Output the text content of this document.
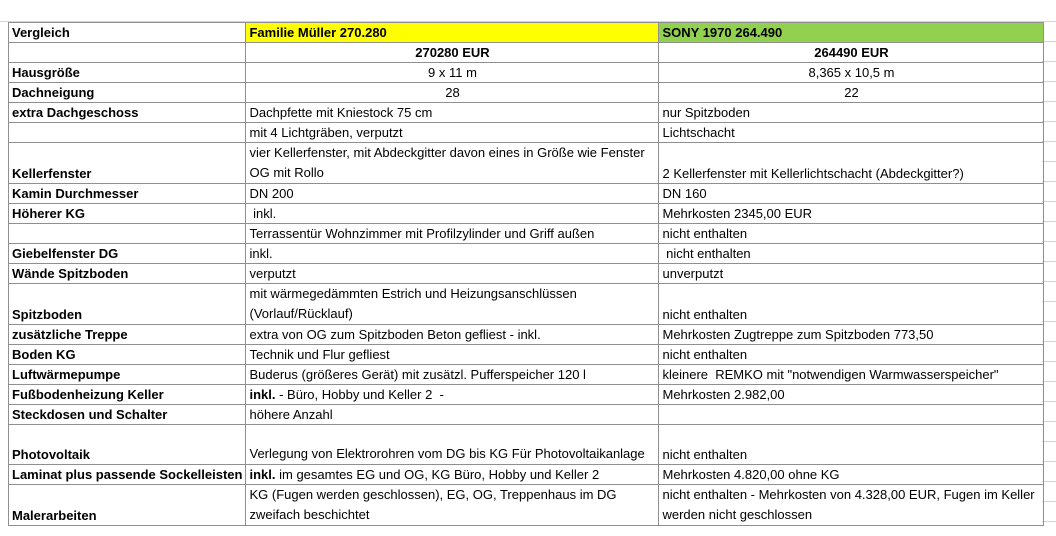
Vergleich	Familie Müller 270.280	SONY 1970 264.490
	270280 EUR	264490 EUR
Hausgröße	9 x 11 m	8,365 x 10,5 m
Dachneigung	28	22
extra Dachgeschoss	Dachpfette mit Kniestock 75 cm	nur Spitzboden
	mit 4 Lichtgräben, verputzt	Lichtschacht
Kellerfenster	vier Kellerfenster, mit Abdeckgitter davon eines in Größe wie Fenster OG mit Rollo	2 Kellerfenster mit Kellerlichtschacht (Abdeckgitter?)
Kamin Durchmesser	DN 200	DN 160
Höherer KG	inkl.	Mehrkosten 2345,00 EUR
	Terrassentür Wohnzimmer mit Profilzylinder und Griff außen	nicht enthalten
Giebelfenster DG	inkl.	nicht enthalten
Wände Spitzboden	verputzt	unverputzt
Spitzboden	mit wärmegedämmten Estrich und Heizungsanschlüssen (Vorlauf/Rücklauf)	nicht enthalten
zusätzliche Treppe	extra von OG zum Spitzboden Beton gefliest - inkl.	Mehrkosten Zugtreppe zum Spitzboden 773,50
Boden KG	Technik und Flur gefliest	nicht enthalten
Luftwärmepumpe	Buderus (größeres Gerät) mit zusätzl. Pufferspeicher 120 l	kleinere  REMKO mit "notwendigen Warmwasserspeicher"
Fußbodenheizung Keller	inkl. - Büro, Hobby und Keller 2  -	Mehrkosten 2.982,00
Steckdosen und Schalter	höhere Anzahl	
Photovoltaik	Verlegung von Elektrorohren vom DG bis KG Für Photovoltaikanlage	nicht enthalten
Laminat plus passende Sockelleisten	inkl. im gesamtes EG und OG, KG Büro, Hobby und Keller 2	Mehrkosten 4.820,00 ohne KG
Malerarbeiten	KG (Fugen werden geschlossen), EG, OG, Treppenhaus im DG zweifach beschichtet	nicht enthalten - Mehrkosten von 4.328,00 EUR, Fugen im Keller werden nicht geschlossen
